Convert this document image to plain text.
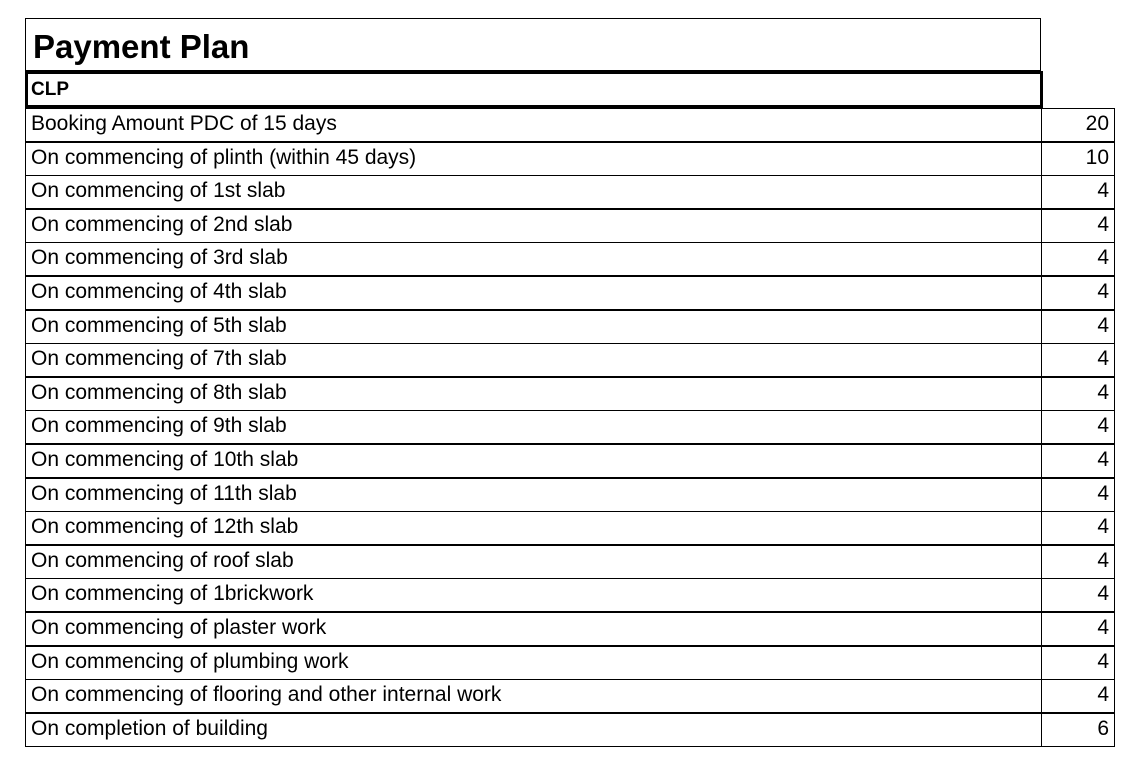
Payment Plan
CLP
Booking Amount PDC of 15 days	20
On commencing of plinth (within 45 days)	10
On commencing of 1st slab	4
On commencing of 2nd slab	4
On commencing of 3rd slab	4
On commencing of 4th slab	4
On commencing of 5th slab	4
On commencing of 7th slab	4
On commencing of 8th slab	4
On commencing of 9th slab	4
On commencing of 10th slab	4
On commencing of 11th slab	4
On commencing of 12th slab	4
On commencing of roof slab	4
On commencing of 1brickwork	4
On commencing of plaster work	4
On commencing of plumbing work	4
On commencing of flooring and other internal work	4
On completion of building	6
